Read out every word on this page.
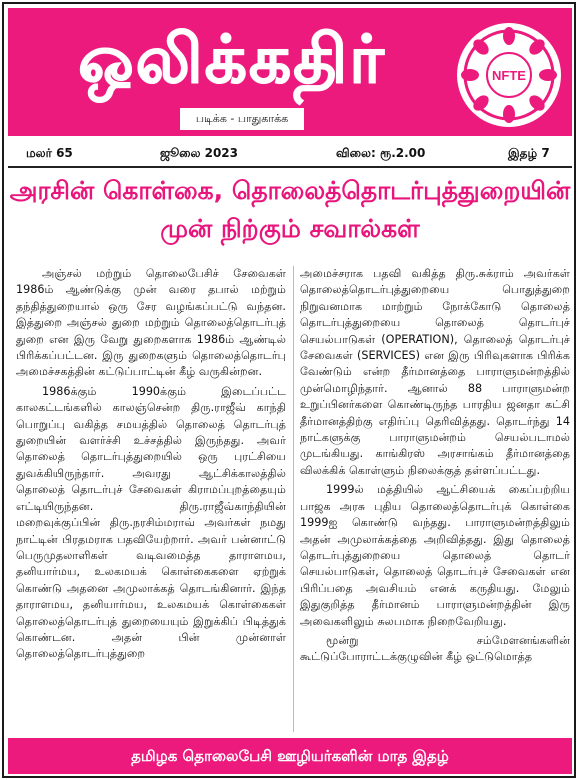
ஒலிக்கதிர்
படிக்க - பாதுகாக்க
NFTE
மலர் 65	ஜூலை 2023	விலை: ரூ.2.00	இதழ் 7
அரசின் கொள்கை, தொலைத்தொடர்புத்துறையின்
முன் நிற்கும் சவால்கள்

அஞ்சல் மற்றும் தொலைபேசிச் சேவைகள் 1986ம் ஆண்டுக்கு முன் வரை தபால் மற்றும் தந்தித்துறையால் ஒரு சேர வழங்கப்பட்டு வந்தன. இத்துறை அஞ்சல் துறை மற்றும் தொலைத்தொடர்புத் துறை என இரு வேறு துறைகளாக 1986ம் ஆண்டில் பிரிக்கப்பட்டன. இரு துறைகளும் தொலைத்தொடர்பு அமைச்சகத்தின் கட்டுப்பாட்டின் கீழ் வருகின்றன.

1986க்கும் 1990க்கும் இடைப்பட்ட காலகட்டங்களில் காலஞ்சென்ற திரு.ராஜீவ் காந்தி பொறுப்பு வகித்த சமயத்தில் தொலைத் தொடர்புத் துறையின் வளர்ச்சி உச்சத்தில் இருந்தது. அவர் தொலைத் தொடர்புத்துறையில் ஒரு புரட்சியை துவக்கியிருந்தார். அவரது ஆட்சிக்காலத்தில் தொலைத் தொடர்புச் சேவைகள் கிராமப்புறத்தையும் எட்டியிருந்தன. திரு.ராஜீவ்காந்தியின் மறைவுக்குப்பின் திரு.நரசிம்மராவ் அவர்கள் நமது நாட்டின் பிரதமராக பதவியேற்றார். அவர் பன்னாட்டு பெருமுதலாளிகள் வடிவமைத்த தாராளமய, தனியார்மய, உலகமயக் கொள்கைகளை ஏற்றுக் கொண்டு அதனை அமுலாக்கத் தொடங்கினார். இந்த தாராளமய, தனியார்மய, உலகமயக் கொள்கைகள் தொலைத்தொடர்புத் துறையையும் இறுக்கிப் பிடித்துக் கொண்டன. அதன் பின் முன்னாள் தொலைத்தொடர்புத்துறை

அமைச்சராக பதவி வகித்த திரு.சுக்ராம் அவர்கள் தொலைத்தொடர்புத்துறையை பொதுத்துறை நிறுவனமாக மாற்றும் நோக்கோடு தொலைத் தொடர்புத்துறையை தொலைத் தொடர்புச் செயல்பாடுகள் (OPERATION), தொலைத் தொடர்புச் சேவைகள் (SERVICES) என இரு பிரிவுகளாக பிரிக்க வேண்டும் என்ற தீர்மானத்தை பாராளுமன்றத்தில் முன்மொழிந்தார். ஆனால் 88 பாராளுமன்ற உறுப்பினர்களை கொண்டிருந்த பாரதிய ஜனதா கட்சி தீர்மானத்திற்கு எதிர்ப்பு தெரிவித்தது. தொடர்ந்து 14 நாட்களுக்கு பாராளுமன்றம் செயல்படாமல் முடங்கியது. காங்கிரஸ் அரசாங்கம் தீர்மானத்தை விலக்கிக் கொள்ளும் நிலைக்குத் தள்ளப்பட்டது.

1999ல் மத்தியில் ஆட்சியைக் கைப்பற்றிய பாஜக அரசு புதிய தொலைத்தொடர்புக் கொள்கை 1999ஐ கொண்டு வந்தது. பாராளுமன்றத்திலும் அதன் அமுலாக்கத்தை அறிவித்தது. இது தொலைத் தொடர்புத்துறையை தொலைத் தொடர் செயல்பாடுகள், தொலைத் தொடர்புச் சேவைகள் என பிரிப்பதை அவசியம் எனக் கருதியது. மேலும் இதுகுறித்த தீர்மானம் பாராளுமன்றத்தின் இரு அவைகளிலும் சுலபமாக நிறைவேறியது.

மூன்று சம்மேளனங்களின் கூட்டுப்போராட்டக்குழுவின் கீழ் ஒட்டுமொத்த

தமிழக தொலைபேசி ஊழியர்களின் மாத இதழ்
